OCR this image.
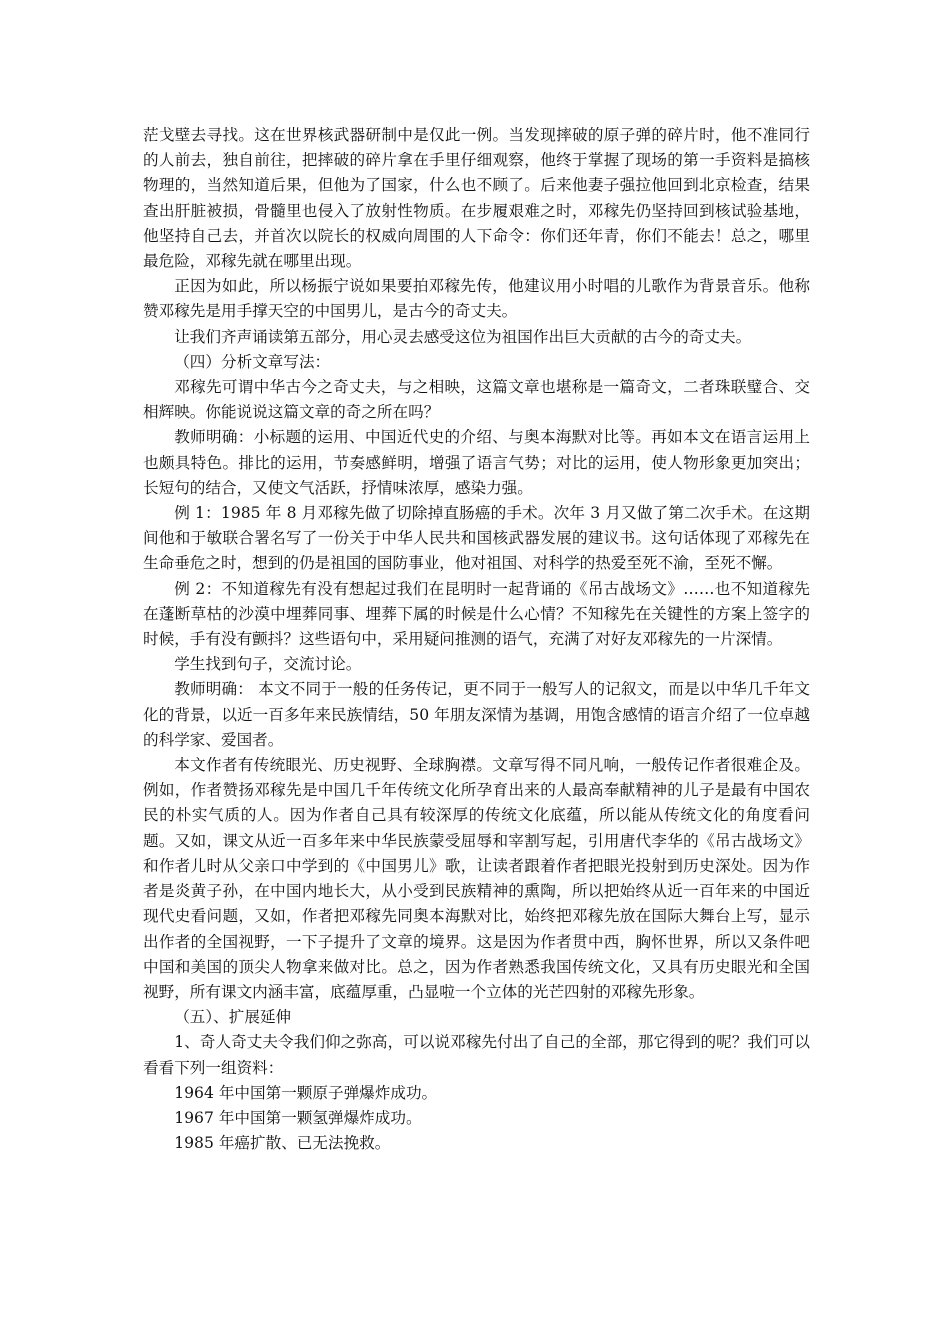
茫戈壁去寻找。这在世界核武器研制中是仅此一例。当发现摔破的原子弹的碎片时，他不准同行的人前去，独自前往，把摔破的碎片拿在手里仔细观察，他终于掌握了现场的第一手资料是搞核物理的，当然知道后果，但他为了国家，什么也不顾了。后来他妻子强拉他回到北京检查，结果查出肝脏被损，骨髓里也侵入了放射性物质。在步履艰难之时，邓稼先仍坚持回到核试验基地，他坚持自己去，并首次以院长的权威向周围的人下命令：你们还年青，你们不能去！总之，哪里最危险，邓稼先就在哪里出现。

正因为如此，所以杨振宁说如果要拍邓稼先传，他建议用小时唱的儿歌作为背景音乐。他称赞邓稼先是用手撑天空的中国男儿，是古今的奇丈夫。

让我们齐声诵读第五部分，用心灵去感受这位为祖国作出巨大贡献的古今的奇丈夫。

（四）分析文章写法：

邓稼先可谓中华古今之奇丈夫，与之相映，这篇文章也堪称是一篇奇文，二者珠联璧合、交相辉映。你能说说这篇文章的奇之所在吗？

教师明确：小标题的运用、中国近代史的介绍、与奥本海默对比等。再如本文在语言运用上也颇具特色。排比的运用，节奏感鲜明，增强了语言气势；对比的运用，使人物形象更加突出；长短句的结合，又使文气活跃，抒情味浓厚，感染力强。

例 1：1985 年 8 月邓稼先做了切除掉直肠癌的手术。次年 3 月又做了第二次手术。在这期间他和于敏联合署名写了一份关于中华人民共和国核武器发展的建议书。这句话体现了邓稼先在生命垂危之时，想到的仍是祖国的国防事业，他对祖国、对科学的热爱至死不渝，至死不懈。

例 2：不知道稼先有没有想起过我们在昆明时一起背诵的《吊古战场文》……也不知道稼先在蓬断草枯的沙漠中埋葬同事、埋葬下属的时候是什么心情？不知稼先在关键性的方案上签字的时候，手有没有颤抖？这些语句中，采用疑问推测的语气，充满了对好友邓稼先的一片深情。

学生找到句子，交流讨论。

教师明确： 本文不同于一般的任务传记，更不同于一般写人的记叙文，而是以中华几千年文化的背景，以近一百多年来民族情结，50 年朋友深情为基调，用饱含感情的语言介绍了一位卓越的科学家、爱国者。

本文作者有传统眼光、历史视野、全球胸襟。文章写得不同凡响，一般传记作者很难企及。例如，作者赞扬邓稼先是中国几千年传统文化所孕育出来的人最高奉献精神的儿子是最有中国农民的朴实气质的人。因为作者自己具有较深厚的传统文化底蕴，所以能从传统文化的角度看问题。又如，课文从近一百多年来中华民族蒙受屈辱和宰割写起，引用唐代李华的《吊古战场文》和作者儿时从父亲口中学到的《中国男儿》歌，让读者跟着作者把眼光投射到历史深处。因为作者是炎黄子孙，在中国内地长大，从小受到民族精神的熏陶，所以把始终从近一百年来的中国近现代史看问题，又如，作者把邓稼先同奥本海默对比，始终把邓稼先放在国际大舞台上写，显示出作者的全国视野，一下子提升了文章的境界。这是因为作者贯中西，胸怀世界，所以又条件吧中国和美国的顶尖人物拿来做对比。总之，因为作者熟悉我国传统文化，又具有历史眼光和全国视野，所有课文内涵丰富，底蕴厚重，凸显啦一个立体的光芒四射的邓稼先形象。

（五）、扩展延伸

1、奇人奇丈夫令我们仰之弥高，可以说邓稼先付出了自己的全部，那它得到的呢？我们可以看看下列一组资料：

1964 年中国第一颗原子弹爆炸成功。

1967 年中国第一颗氢弹爆炸成功。

1985 年癌扩散、已无法挽救。
